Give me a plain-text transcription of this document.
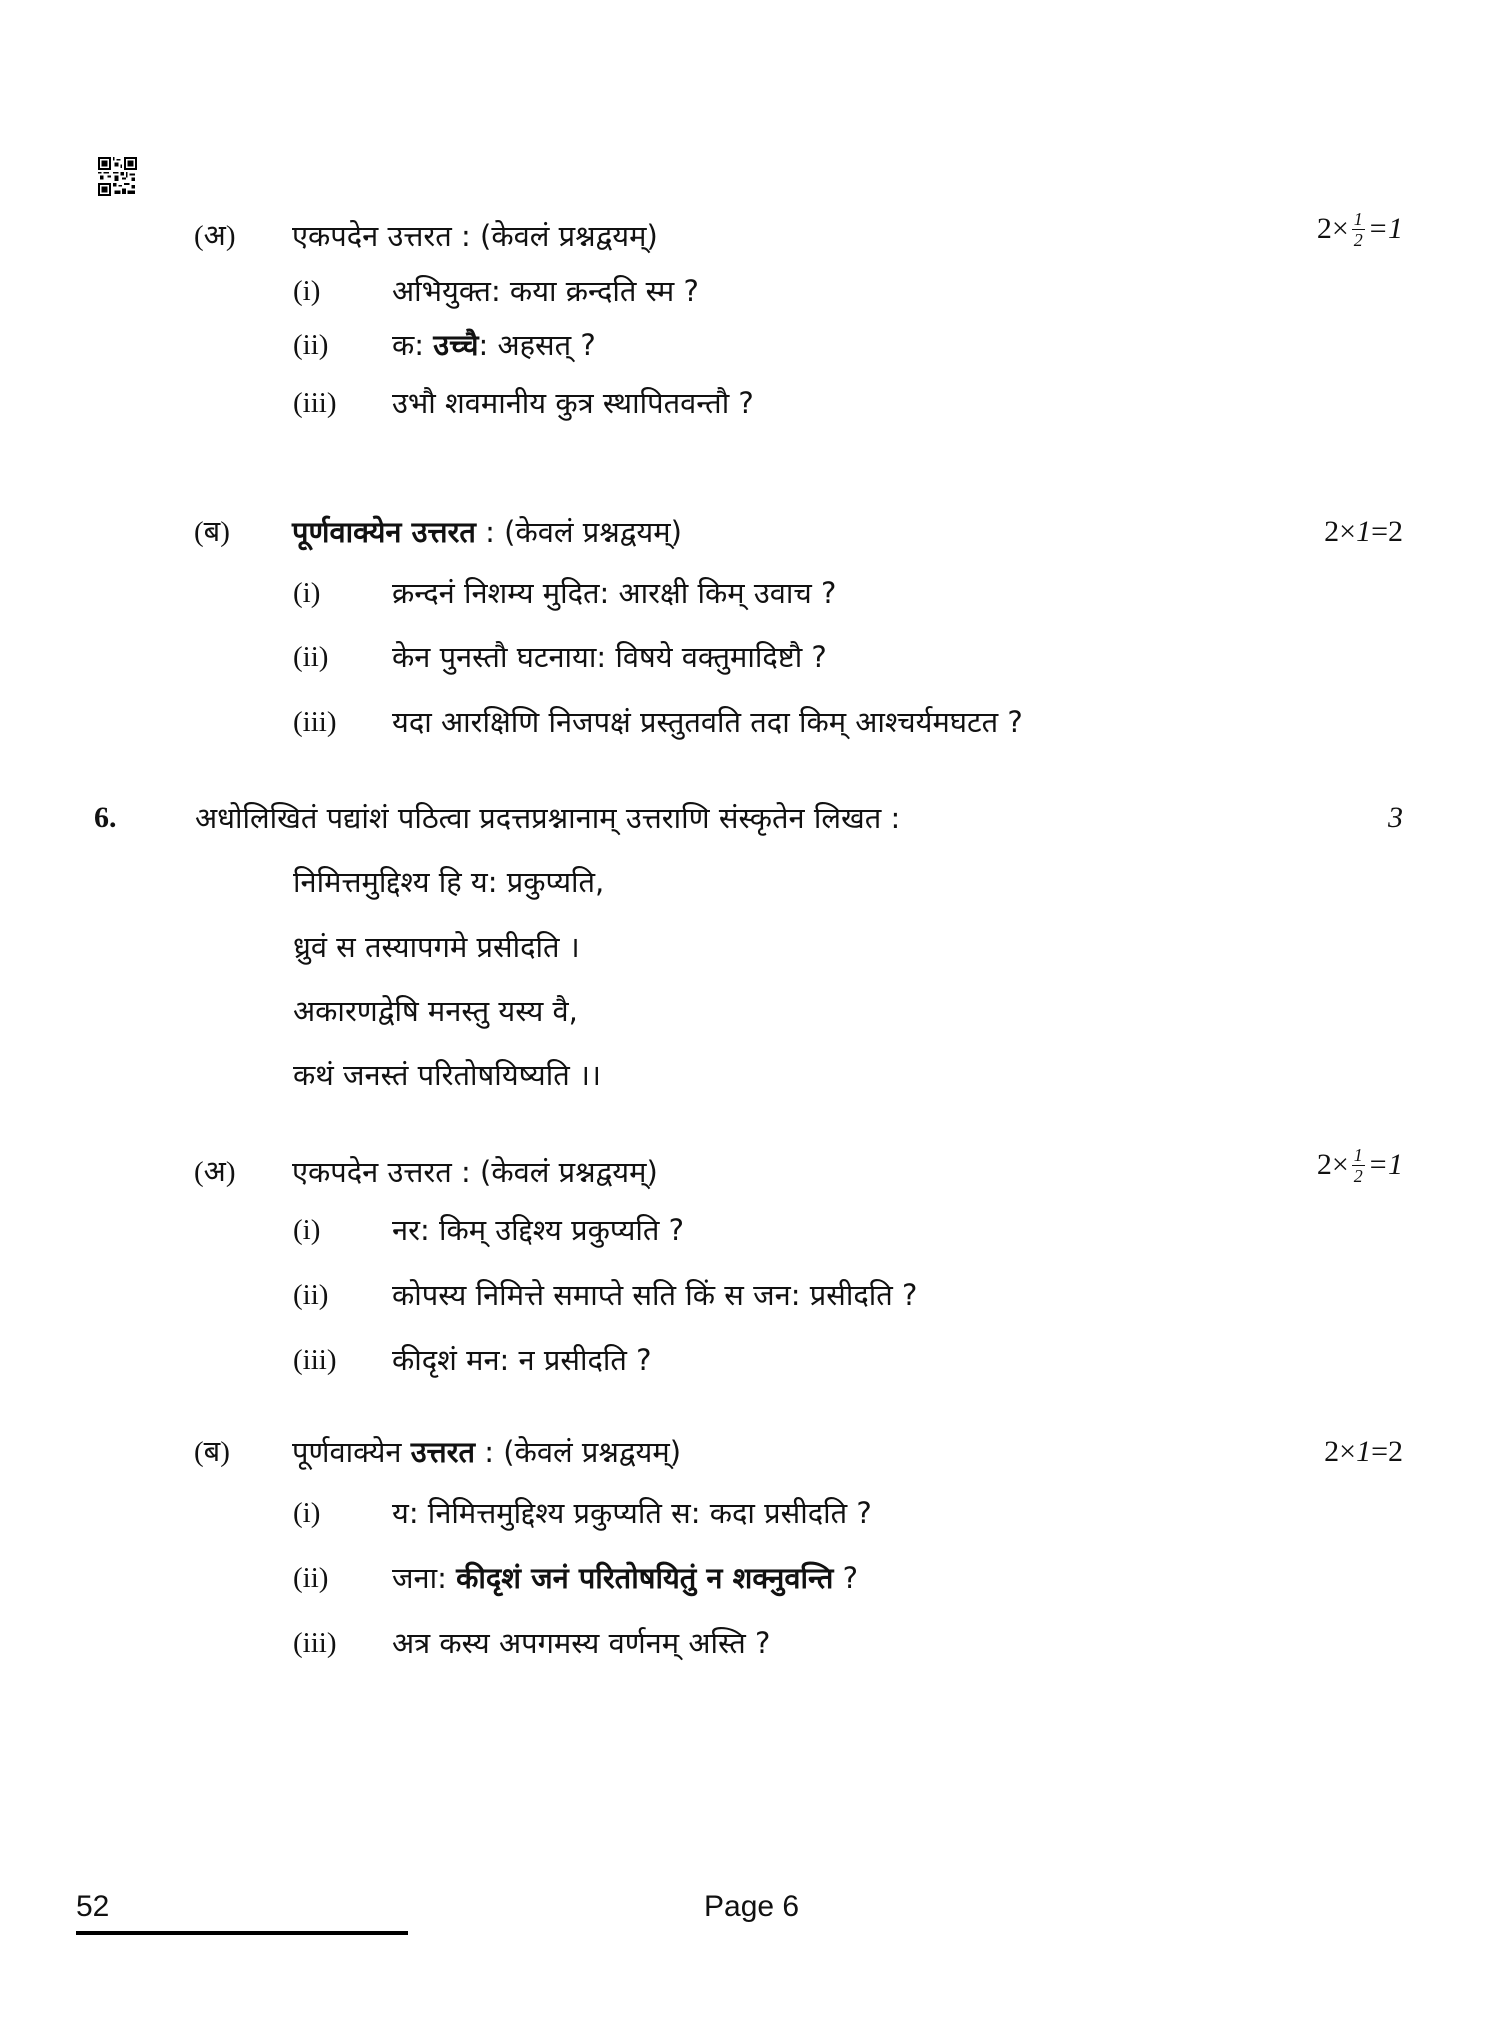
(अ) एकपदेन उत्तरत : (केवलं प्रश्नद्वयम्)	$2\times \frac{1}{2} =1$
(i) अभियुक्त: कया क्रन्दति स्म ?
(ii) क: उच्चै: अहसत् ?
(iii) उभौ शवमानीय कुत्र स्थापितवन्तौ ?
(ब) पूर्णवाक्येन उत्तरत : (केवलं प्रश्नद्वयम्)	2× 1 =2
(i) क्रन्दनं निशम्य मुदित: आरक्षी किम् उवाच ?
(ii) केन पुनस्तौ घटनाया: विषये वक्तुमादिष्टौ ?
(iii) यदा आरक्षिणि निजपक्षं प्रस्तुतवति तदा किम् आश्चर्यमघटत ?
6.	अधोलिखितं पद्यांशं पठित्वा प्रदत्तप्रश्नानाम् उत्तराणि संस्कृतेन लिखत :	3
निमित्तमुद्दिश्य हि य: प्रकुप्यति,
ध्रुवं स तस्यापगमे प्रसीदति ।
अकारणद्वेषि मनस्तु यस्य वै,
कथं जनस्तं परितोषयिष्यति ।।
(अ) एकपदेन उत्तरत : (केवलं प्रश्नद्वयम्)	$2\times \frac{1}{2} =1$
(i) नर: किम् उद्दिश्य प्रकुप्यति ?
(ii) कोपस्य निमित्ते समाप्ते सति किं स जन: प्रसीदति ?
(iii) कीदृशं मन: न प्रसीदति ?
(ब) पूर्णवाक्येन उत्तरत : (केवलं प्रश्नद्वयम्)	2× 1 =2
(i) य: निमित्तमुद्दिश्य प्रकुप्यति स: कदा प्रसीदति ?
(ii) जना: कीदृशं जनं परितोषयितुं न शक्नुवन्ति ?
(iii) अत्र कस्य अपगमस्य वर्णनम् अस्ति ?
52	Page 6
